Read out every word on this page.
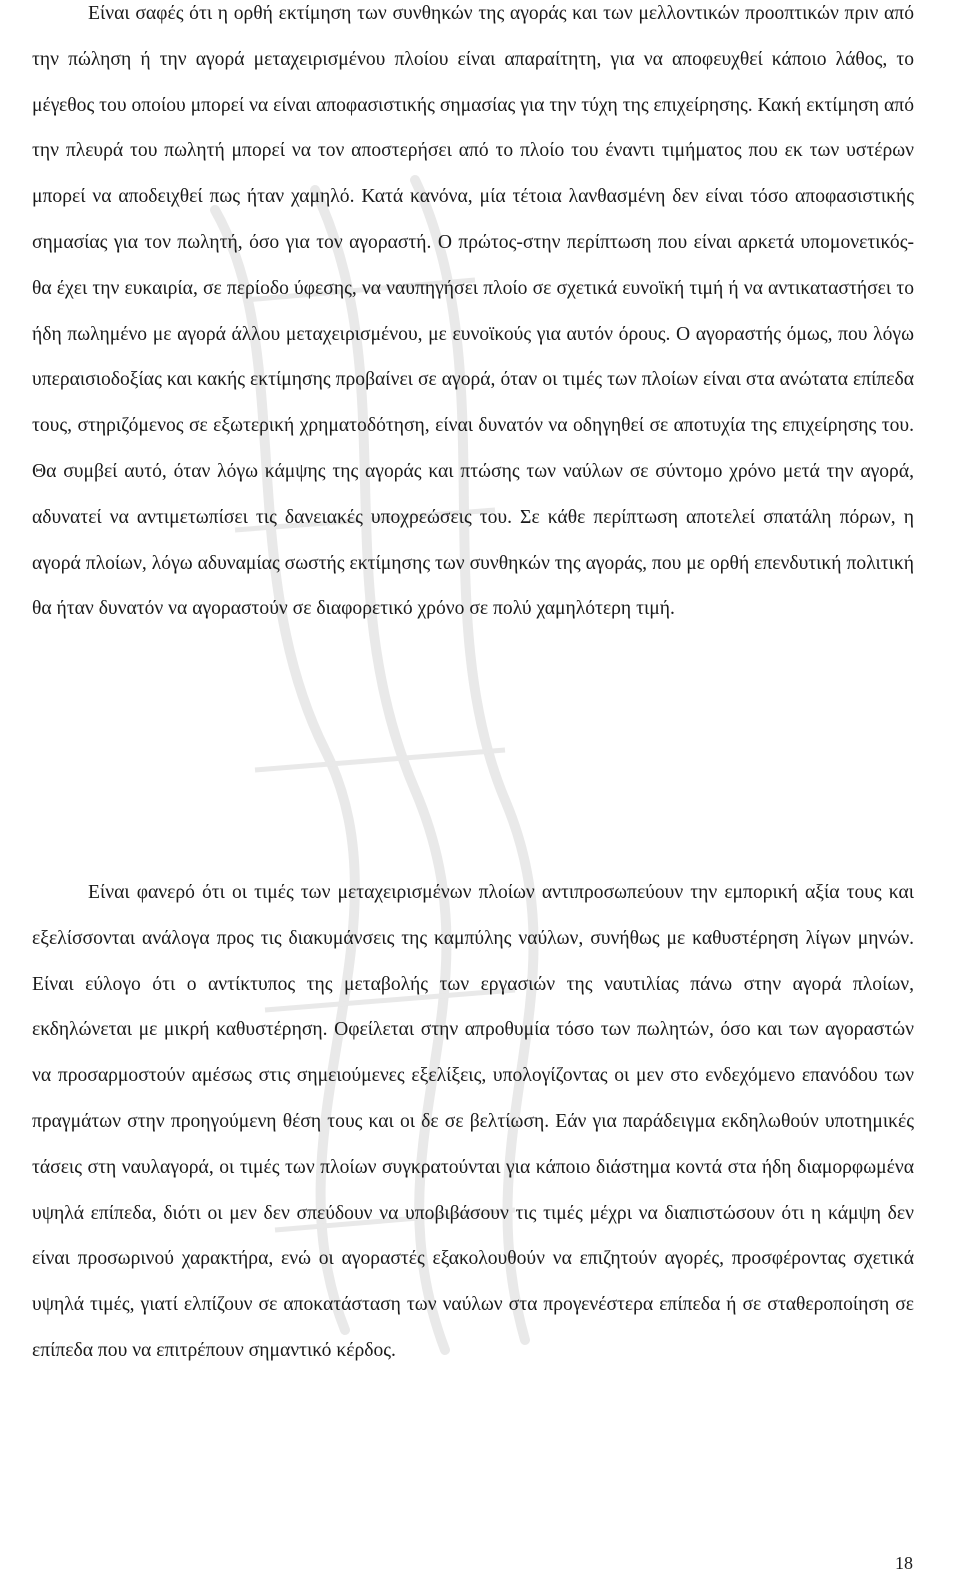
Είναι σαφές ότι η ορθή εκτίμηση των συνθηκών της αγοράς και των μελλοντικών προοπτικών πριν από την πώληση ή την αγορά μεταχειρισμένου πλοίου είναι απαραίτητη, για να αποφευχθεί κάποιο λάθος, το μέγεθος του οποίου μπορεί να είναι αποφασιστικής σημασίας για την τύχη της επιχείρησης. Κακή εκτίμηση από την πλευρά του πωλητή μπορεί να τον αποστερήσει από το πλοίο του έναντι τιμήματος που εκ των υστέρων μπορεί να αποδειχθεί πως ήταν χαμηλό. Κατά κανόνα, μία τέτοια λανθασμένη δεν είναι τόσο αποφασιστικής σημασίας για τον πωλητή, όσο για τον αγοραστή. Ο πρώτος-στην περίπτωση που είναι αρκετά υπομονετικός- θα έχει την ευκαιρία, σε περίοδο ύφεσης, να ναυπηγήσει πλοίο σε σχετικά ευνοϊκή τιμή ή να αντικαταστήσει το ήδη πωλημένο με αγορά άλλου μεταχειρισμένου, με ευνοϊκούς για αυτόν όρους. Ο αγοραστής όμως, που λόγω υπεραισιοδοξίας και κακής εκτίμησης προβαίνει σε αγορά, όταν οι τιμές των πλοίων είναι στα ανώτατα επίπεδα τους, στηριζόμενος σε εξωτερική χρηματοδότηση, είναι δυνατόν να οδηγηθεί σε αποτυχία της επιχείρησης του. Θα συμβεί αυτό, όταν λόγω κάμψης της αγοράς και πτώσης των ναύλων σε σύντομο χρόνο μετά την αγορά, αδυνατεί να αντιμετωπίσει τις δανειακές υποχρεώσεις του. Σε κάθε περίπτωση αποτελεί σπατάλη πόρων, η αγορά πλοίων, λόγω αδυναμίας σωστής εκτίμησης των συνθηκών της αγοράς, που με ορθή επενδυτική πολιτική θα ήταν δυνατόν να αγοραστούν σε διαφορετικό χρόνο σε πολύ χαμηλότερη τιμή.

Είναι φανερό ότι οι τιμές των μεταχειρισμένων πλοίων αντιπροσωπεύουν την εμπορική αξία τους και εξελίσσονται ανάλογα προς τις διακυμάνσεις της καμπύλης ναύλων, συνήθως με καθυστέρηση λίγων μηνών. Είναι εύλογο ότι ο αντίκτυπος της μεταβολής των εργασιών της ναυτιλίας πάνω στην αγορά πλοίων, εκδηλώνεται με μικρή καθυστέρηση. Οφείλεται στην απροθυμία τόσο των πωλητών, όσο και των αγοραστών να προσαρμοστούν αμέσως στις σημειούμενες εξελίξεις, υπολογίζοντας οι μεν στο ενδεχόμενο επανόδου των πραγμάτων στην προηγούμενη θέση τους και οι δε σε βελτίωση. Εάν για παράδειγμα εκδηλωθούν υποτημικές τάσεις στη ναυλαγορά, οι τιμές των πλοίων συγκρατούνται για κάποιο διάστημα κοντά στα ήδη διαμορφωμένα υψηλά επίπεδα, διότι οι μεν δεν σπεύδουν να υποβιβάσουν τις τιμές μέχρι να διαπιστώσουν ότι η κάμψη δεν είναι προσωρινού χαρακτήρα, ενώ οι αγοραστές εξακολουθούν να επιζητούν αγορές, προσφέροντας σχετικά υψηλά τιμές, γιατί ελπίζουν σε αποκατάσταση των ναύλων στα προγενέστερα επίπεδα ή σε σταθεροποίηση σε επίπεδα που να επιτρέπουν σημαντικό κέρδος.

18
